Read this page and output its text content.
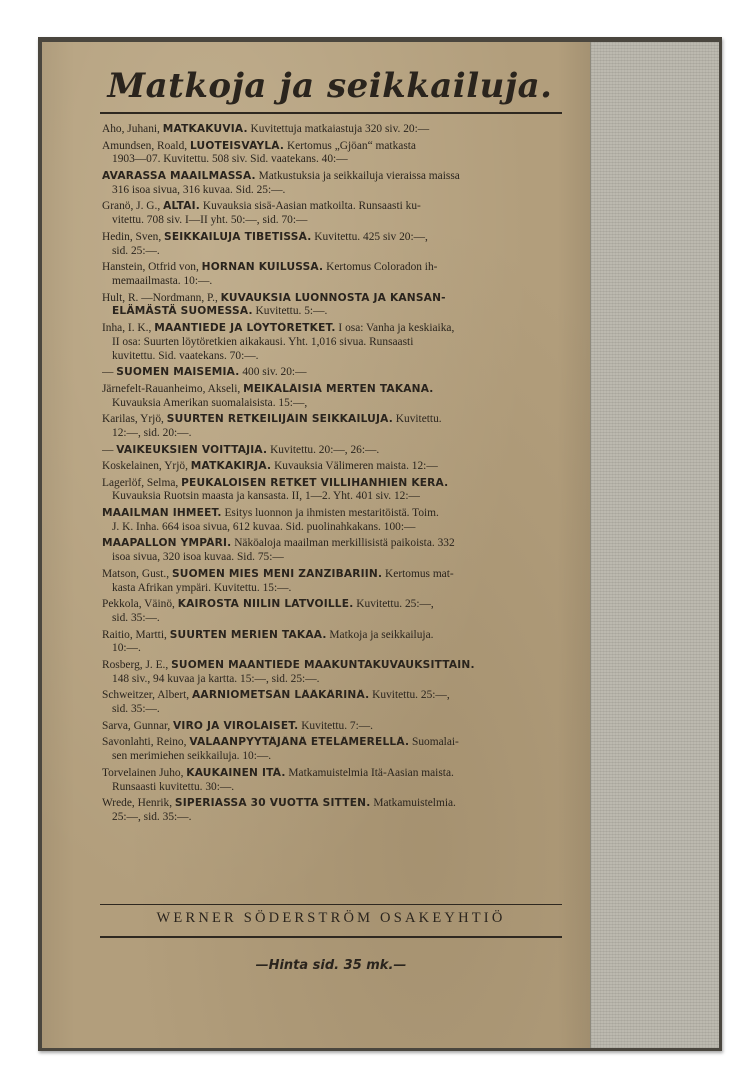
Matkoja ja seikkailuja.
Aho, Juhani, MATKAKUVIA. Kuvitettuja matkaiastuja 320 siv. 20:—
Amundsen, Roald, LUOTEISVÄYLÄ. Kertomus „Gjöan“ matkasta
1903—07. Kuvitettu. 508 siv. Sid. vaatekans. 40:—
AVARASSA MAAILMASSA. Matkustuksia ja seikkailuja vieraissa maissa
316 isoa sivua, 316 kuvaa. Sid. 25:—.
Granö, J. G., ALTAI. Kuvauksia sisä-Aasian matkoilta. Runsaasti ku-
vitettu. 708 siv. I—II yht. 50:—, sid. 70:—
Hedin, Sven, SEIKKAILUJA TIBETISSÄ. Kuvitettu. 425 siv 20:—,
sid. 25:—.
Hanstein, Otfrid von, HORNAN KUILUSSA. Kertomus Coloradon ih-
memaailmasta. 10:—.
Hult, R. —Nordmann, P., KUVAUKSIA LUONNOSTA JA KANSAN-
ELÄMÄSTÄ SUOMESSA. Kuvitettu. 5:—.
Inha, I. K., MAANTIEDE JA LÖYTÖRETKET. I osa: Vanha ja keskiaika,
II osa: Suurten löytöretkien aikakausi. Yht. 1,016 sivua. Runsaasti
kuvitettu. Sid. vaatekans. 70:—.
— SUOMEN MAISEMIA. 400 siv. 20:—
Järnefelt-Rauanheimo, Akseli, MEIKÄLÄISIÄ MERTEN TAKANA.
Kuvauksia Amerikan suomalaisista. 15:—,
Karilas, Yrjö, SUURTEN RETKEILIJÄIN SEIKKAILUJA. Kuvitettu.
12:—, sid. 20:—.
— VAIKEUKSIEN VOITTAJIA. Kuvitettu. 20:—, 26:—.
Koskelainen, Yrjö, MATKAKIRJA. Kuvauksia Välimeren maista. 12:—
Lagerlöf, Selma, PEUKALOISEN RETKET VILLIHANHIEN KERA.
Kuvauksia Ruotsin maasta ja kansasta. II, 1—2. Yht. 401 siv. 12:—
MAAILMAN IHMEET. Esitys luonnon ja ihmisten mestaritöistä. Toim.
J. K. Inha. 664 isoa sivua, 612 kuvaa. Sid. puolinahkakans. 100:—
MAAPALLON YMPÄRI. Näköaloja maailman merkillisistä paikoista. 332
isoa sivua, 320 isoa kuvaa. Sid. 75:—
Matson, Gust., SUOMEN MIES MENI ZANZIBARIIN. Kertomus mat-
kasta Afrikan ympäri. Kuvitettu. 15:—.
Pekkola, Väinö, KAIROSTA NIILIN LATVOILLE. Kuvitettu. 25:—,
sid. 35:—.
Raitio, Martti, SUURTEN MERIEN TAKAA. Matkoja ja seikkailuja.
10:—.
Rosberg, J. E., SUOMEN MAANTIEDE MAAKUNTAKUVAUKSITTAIN.
148 siv., 94 kuvaa ja kartta. 15:—, sid. 25:—.
Schweitzer, Albert, AARNIOMETSÄN LÄÄKÄRINÄ. Kuvitettu. 25:—,
sid. 35:—.
Sarva, Gunnar, VIRO JA VIROLAISET. Kuvitettu. 7:—.
Savonlahti, Reino, VALAANPYYTÄJÄNÄ ETELÄMERELLÄ. Suomalai-
sen merimiehen seikkailuja. 10:—.
Torvelainen Juho, KAUKAINEN ITÄ. Matkamuistelmia Itä-Aasian maista.
Runsaasti kuvitettu. 30:—.
Wrede, Henrik, SIPERIASSA 30 VUOTTA SITTEN. Matkamuistelmia.
25:—, sid. 35:—.
WERNER SÖDERSTRÖM OSAKEYHTIÖ
—Hinta sid. 35 mk.—
